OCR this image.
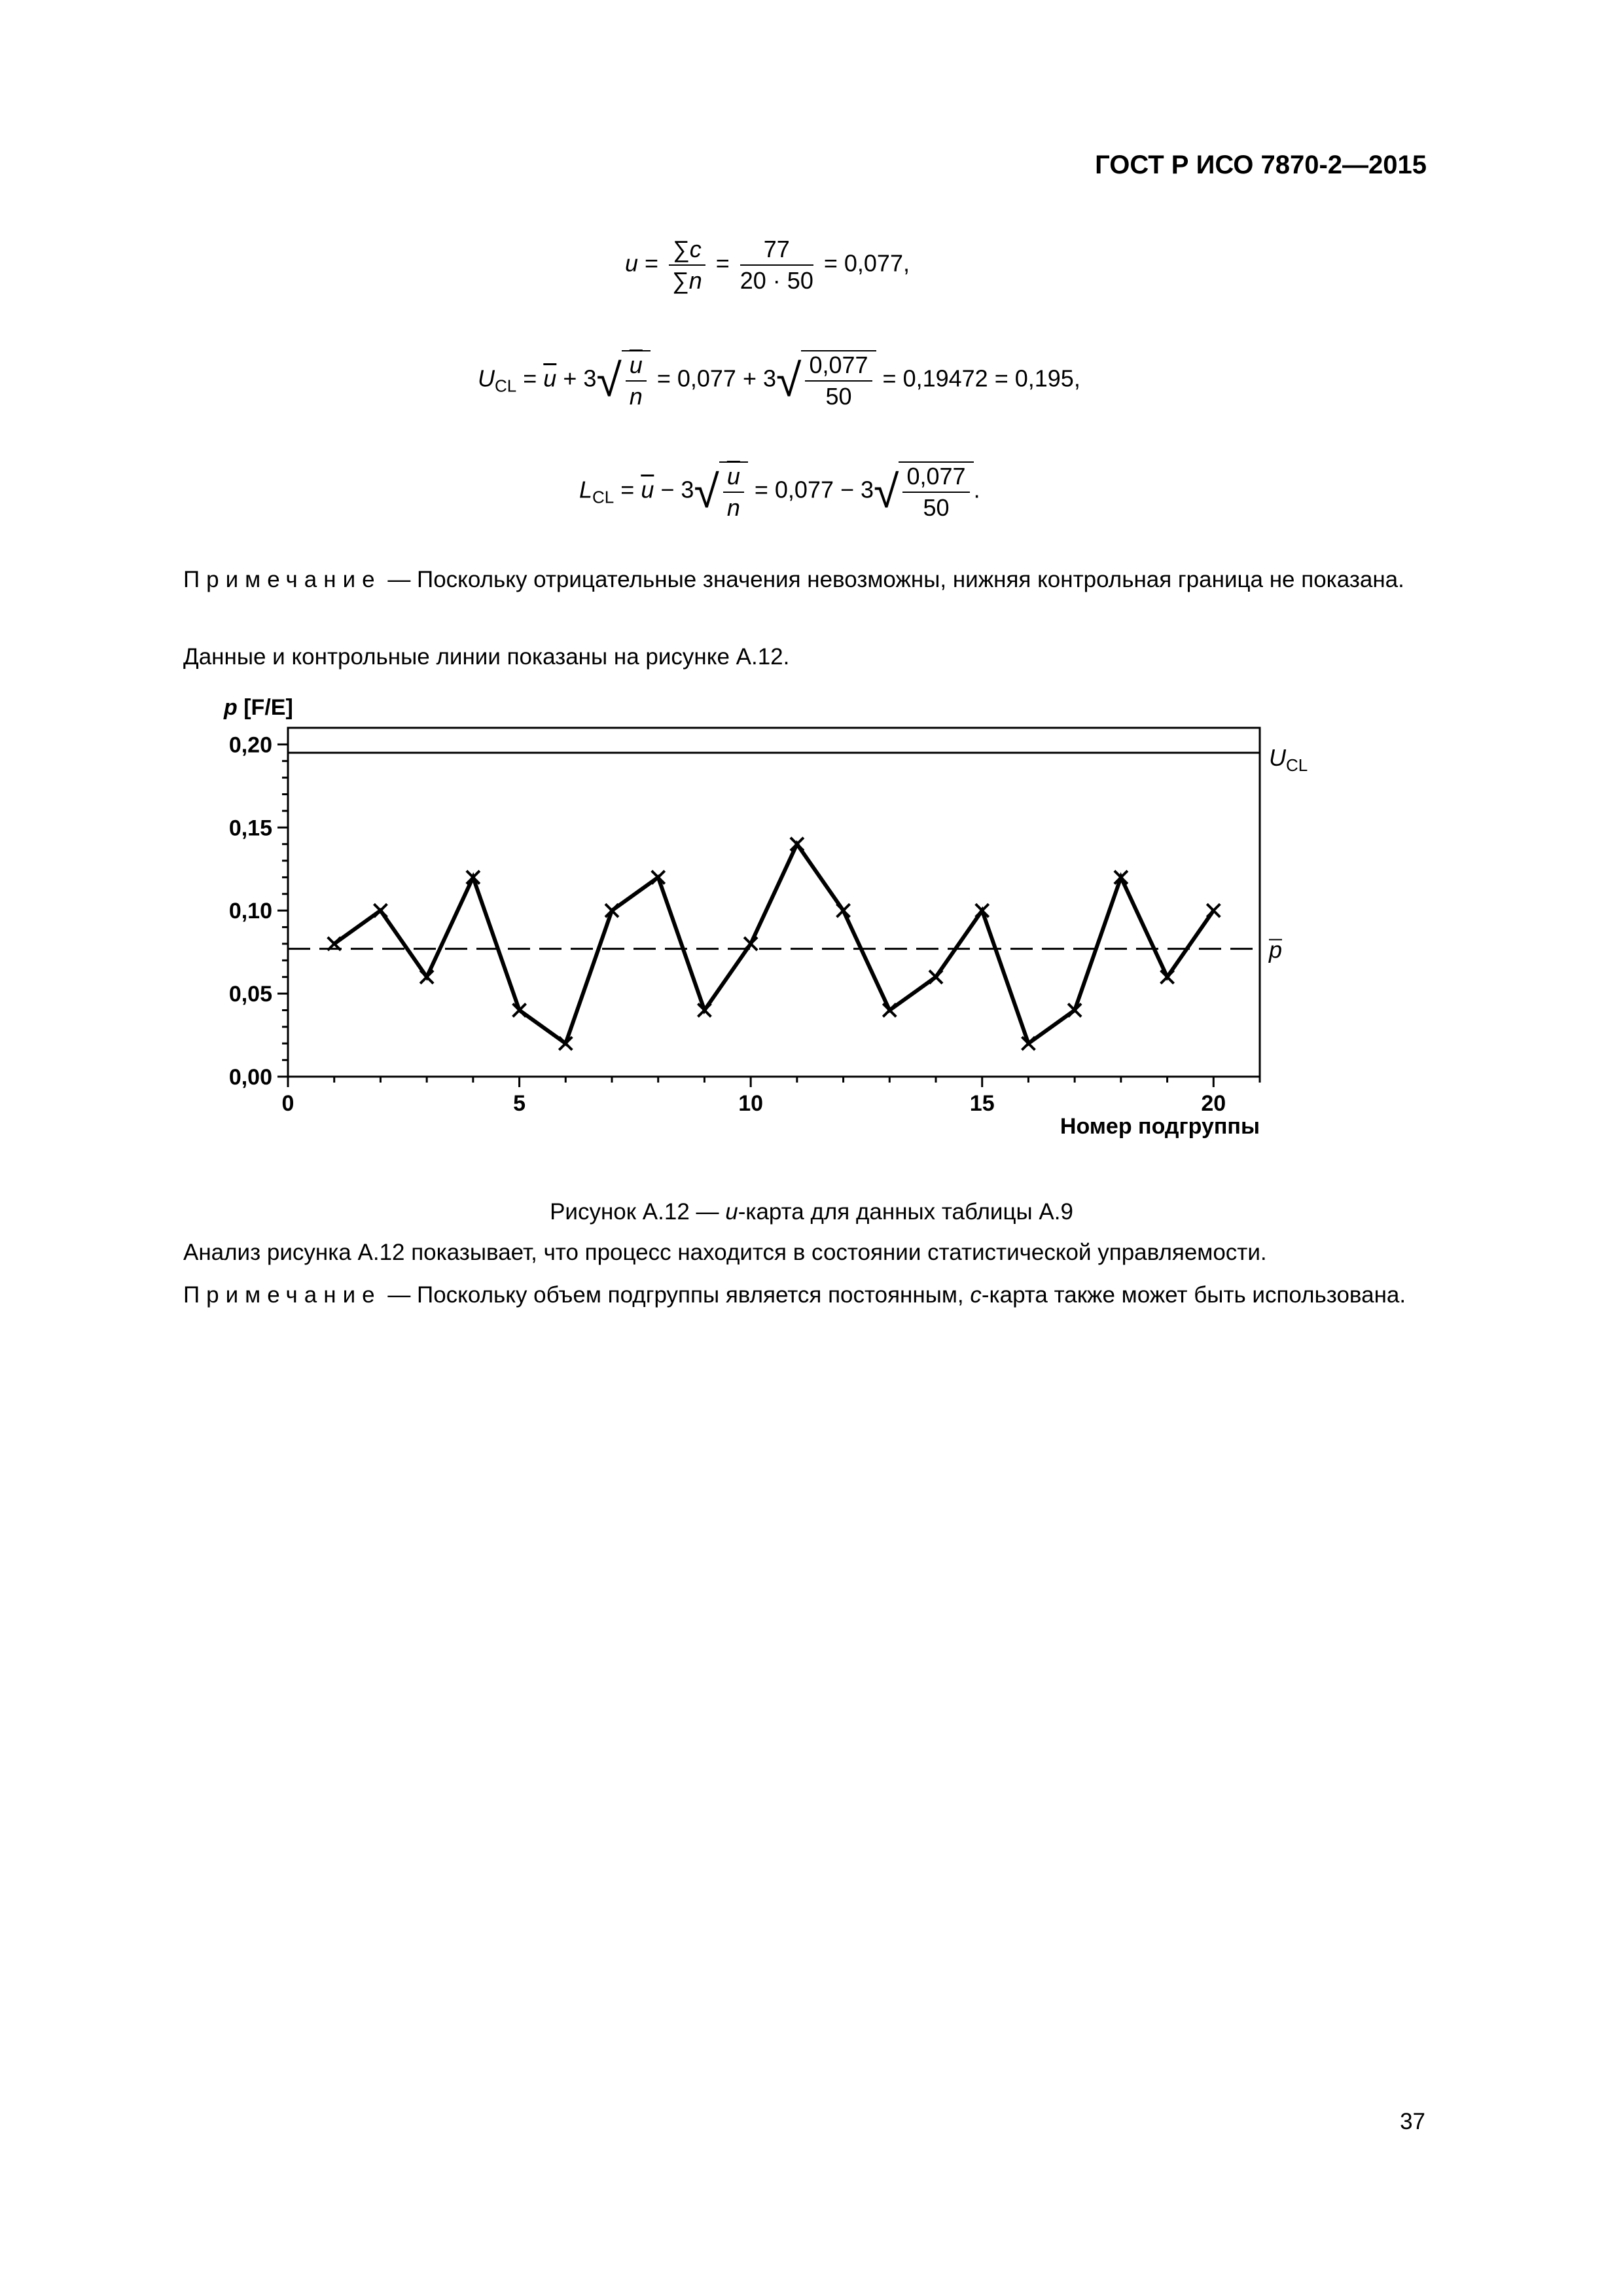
ГОСТ Р ИСО 7870-2—2015
$u = \frac{\sum c}{\sum n} = \frac{77}{20 \cdot 50} = 0,077$,
$U_{CL} = \overline{u} + 3√ \frac{u}{n} = 0,077 + 3√ \frac{0,077}{50} = 0,19472 = 0,195$,
$L_{CL} = \overline{u} - 3√ \frac{u}{n} = 0,077 - 3√ \frac{0,077}{50}$ .
Примечание — Поскольку отрицательные значения невозможны, нижняя контрольная граница не показана.
Данные и контрольные линии показаны на рисунке А.12.
0,00
0,05
0,10
0,15
0,20
0	5	10	15	20
p [F/E]
Номер подгруппы
$U_{CL}$
p
Рисунок А.12 — u-карта для данных таблицы А.9
Анализ рисунка А.12 показывает, что процесс находится в состоянии статистической управляемости.
Примечание — Поскольку объем подгруппы является постоянным, с-карта также может быть использована.
37
